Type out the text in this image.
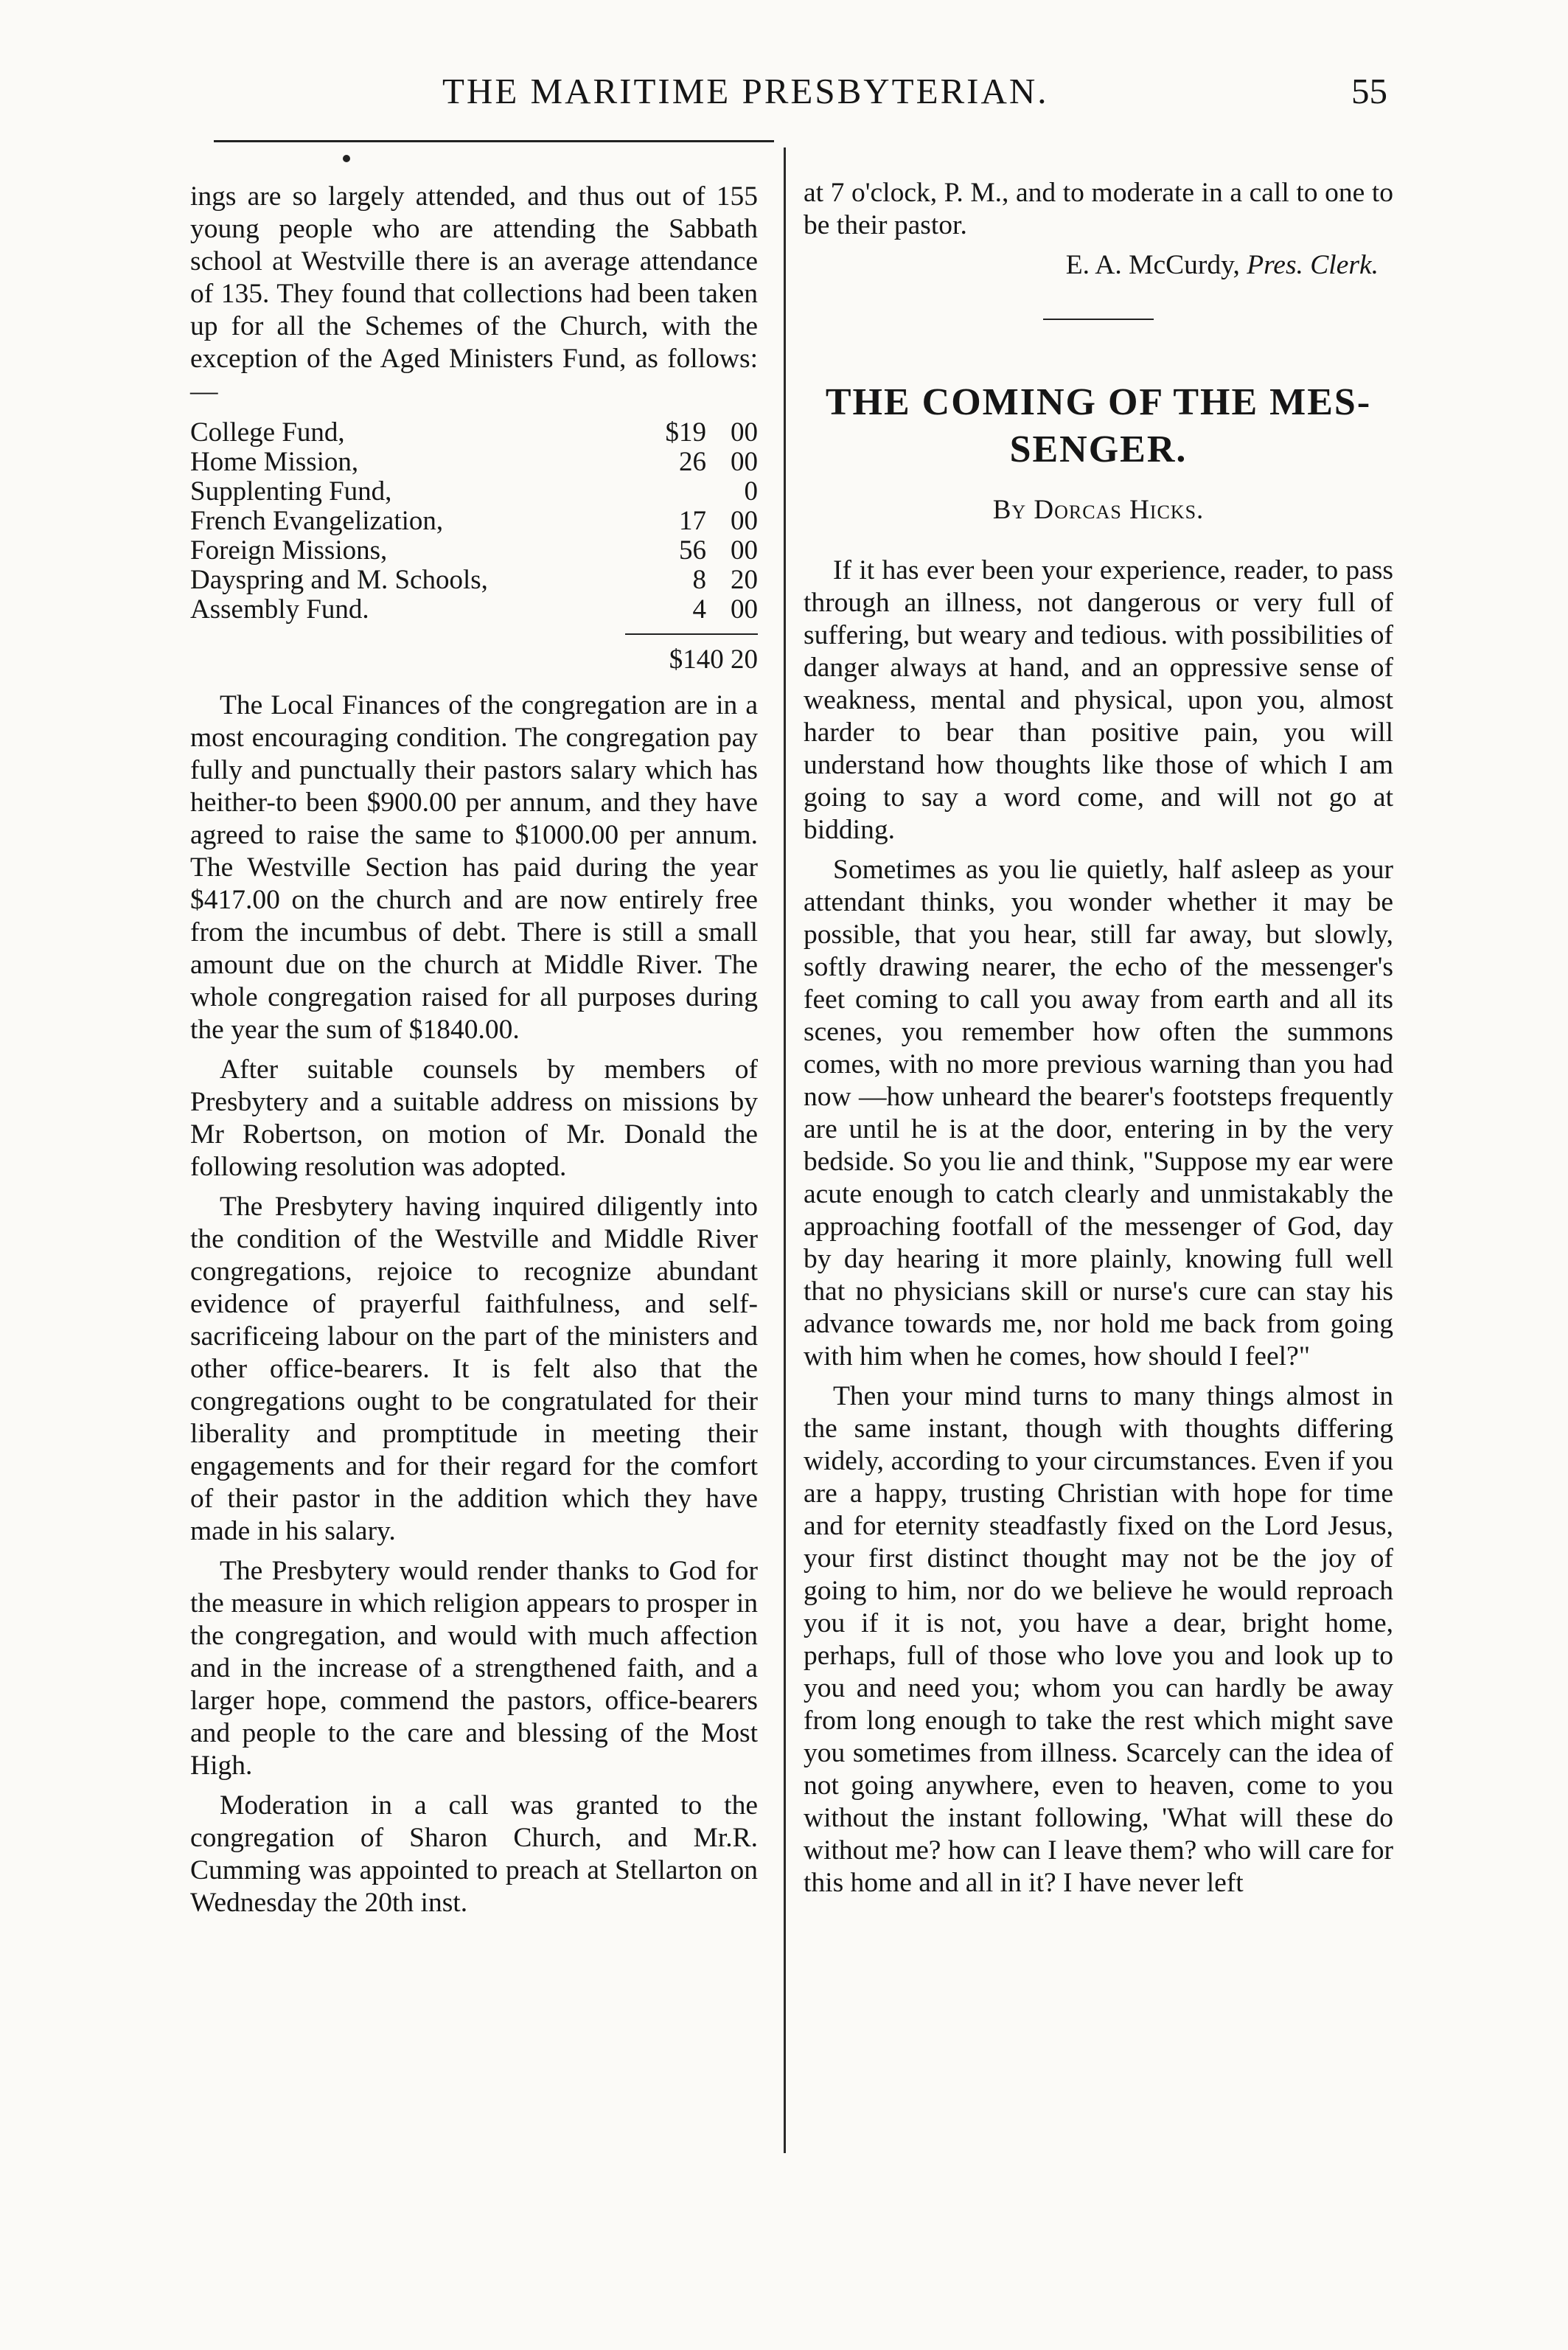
THE MARITIME PRESBYTERIAN.	55

ings are so largely attended, and thus out of 155 young people who are attending the Sabbath school at Westville there is an average attendance of 135. They found that collections had been taken up for all the Schemes of the Church, with the exception of the Aged Ministers Fund, as follows:—

College Fund,	$19	00
Home Mission,	26	00
Supplenting Fund,		0
French Evangelization,	17	00
Foreign Missions,	56	00
Dayspring and M. Schools,	8	20
Assembly Fund.	4	00
$140 20

The Local Finances of the congregation are in a most encouraging condition. The congregation pay fully and punctually their pastors salary which has heither-to been $900.00 per annum, and they have agreed to raise the same to $1000.00 per annum. The Westville Section has paid during the year $417.00 on the church and are now entirely free from the incumbus of debt. There is still a small amount due on the church at Middle River. The whole congregation raised for all purposes during the year the sum of $1840.00.

After suitable counsels by members of Presbytery and a suitable address on missions by Mr Robertson, on motion of Mr. Donald the following resolution was adopted.

The Presbytery having inquired diligently into the condition of the Westville and Middle River congregations, rejoice to recognize abundant evidence of prayerful faithfulness, and self-sacrificeing labour on the part of the ministers and other office-bearers. It is felt also that the congregations ought to be congratulated for their liberality and promptitude in meeting their engagements and for their regard for the comfort of their pastor in the addition which they have made in his salary.

The Presbytery would render thanks to God for the measure in which religion appears to prosper in the congregation, and would with much affection and in the increase of a strengthened faith, and a larger hope, commend the pastors, office-bearers and people to the care and blessing of the Most High.

Moderation in a call was granted to the congregation of Sharon Church, and Mr.R. Cumming was appointed to preach at Stellarton on Wednesday the 20th inst.

at 7 o'clock, P. M., and to moderate in a call to one to be their pastor.

E. A. McCurdy, Pres. Clerk.
THE COMING OF THE MES-
SENGER.
By Dorcas Hicks.

If it has ever been your experience, reader, to pass through an illness, not dangerous or very full of suffering, but weary and tedious. with possibilities of danger always at hand, and an oppressive sense of weakness, mental and physical, upon you, almost harder to bear than positive pain, you will understand how thoughts like those of which I am going to say a word come, and will not go at bidding.

Sometimes as you lie quietly, half asleep as your attendant thinks, you wonder whether it may be possible, that you hear, still far away, but slowly, softly drawing nearer, the echo of the messenger's feet coming to call you away from earth and all its scenes, you remember how often the summons comes, with no more previous warning than you had now —how unheard the bearer's footsteps frequently are until he is at the door, entering in by the very bedside. So you lie and think, "Suppose my ear were acute enough to catch clearly and unmistakably the approaching footfall of the messenger of God, day by day hearing it more plainly, knowing full well that no physicians skill or nurse's cure can stay his advance towards me, nor hold me back from going with him when he comes, how should I feel?"

Then your mind turns to many things almost in the same instant, though with thoughts differing widely, according to your circumstances. Even if you are a happy, trusting Christian with hope for time and for eternity steadfastly fixed on the Lord Jesus, your first distinct thought may not be the joy of going to him, nor do we believe he would reproach you if it is not, you have a dear, bright home, perhaps, full of those who love you and look up to you and need you; whom you can hardly be away from long enough to take the rest which might save you sometimes from illness. Scarcely can the idea of not going anywhere, even to heaven, come to you without the instant following, 'What will these do without me? how can I leave them? who will care for this home and all in it? I have never left
